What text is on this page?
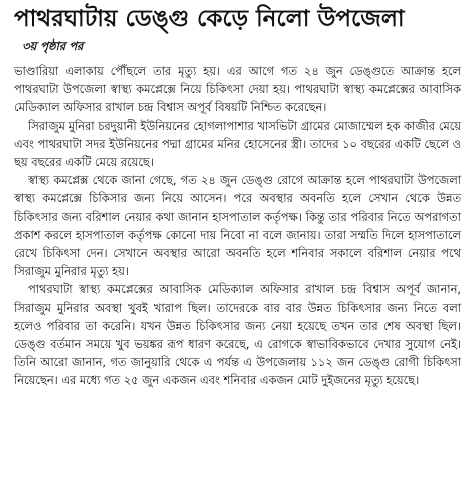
পাথরঘাটায় ডেঙ্গু কেড়ে নিলো উপজেলা
৩য় পৃষ্ঠার পর

ভাণ্ডারিয়া এলাকায় পৌঁছলে তার মৃত্যু হয়। এর আগে গত ২৪ জুন ডেঙ্গুতে আক্রান্ত হলে পাথরঘাটা উপজেলা স্বাস্থ্য কমপ্লেক্সে নিয়ে চিকিৎসা দেয়া হয়। পাথরঘাটা স্বাস্থ্য কমপ্লেক্সের আবাসিক মেডিক্যাল অফিসার রাখাল চন্দ্র বিশ্বাস অপূর্ব বিষয়টি নিশ্চিত করেছেন।

সিরাজুম মুনিরা চরদুয়ানী ইউনিয়নের হোগলাপাশার খাসভিটা গ্রামের মোজাম্মেল হক কাজীর মেয়ে এবং পাথরঘাটা সদর ইউনিয়নের পদ্মা গ্রামের মনির হোসেনের স্ত্রী। তাদের ১০ বছরের একটি ছেলে ও ছয় বছরের একটি মেয়ে রয়েছে।

স্বাস্থ্য কমপ্লেক্স থেকে জানা গেছে, গত ২৪ জুন ডেঙ্গু রোগে আক্রান্ত হলে পাথরঘাটা উপজেলা স্বাস্থ্য কমপ্লেক্সে চিকিসার জন্য নিয়ে আসেন। পরে অবস্থার অবনতি হলে সেখান থেকে উন্নত চিকিৎসার জন্য বরিশাল নেয়ার কথা জানান হাসপাতাল কর্তৃপক্ষ। কিন্তু তার পরিবার নিতে অপরাগতা প্রকাশ করলে হাসপাতাল কর্তৃপক্ষ কোনো দায় নিবো না বলে জানায়। তারা সম্মতি দিলে হাসপাতালে রেখে চিকিৎসা দেন। সেখানে অবস্থার আরো অবনতি হলে শনিবার সকালে বরিশাল নেয়ার পথে সিরাজুম মুনিরার মৃত্যু হয়।

পাথরঘাটা স্বাস্থ্য কমপ্লেক্সের আবাসিক মেডিক্যাল অফিসার রাখাল চন্দ্র বিশ্বাস অপূর্ব জানান, সিরাজুম মুনিরার অবস্থা খুবই খারাপ ছিল। তাদেরকে বার বার উন্নত চিকিৎসার জন্য নিতে বলা হলেও পরিবার তা করেনি। যখন উন্নত চিকিৎসার জন্য নেয়া হয়েছে তখন তার শেষ অবস্থা ছিল। ডেঙ্গু বর্তমান সময়ে খুব ভয়ঙ্কর রূপ ধারণ করেছে, এ রোগকে স্বাভাবিকভাবে দেখার সুযোগ নেই। তিনি আরো জানান, গত জানুয়ারি থেকে এ পর্যন্ত এ উপজেলায় ১১২ জন ডেঙ্গু রোগী চিকিৎসা নিয়েছেন। এর মধ্যে গত ২৫ জুন একজন এবং শনিবার একজন মোট দুইজনের মৃত্যু হয়েছে।
